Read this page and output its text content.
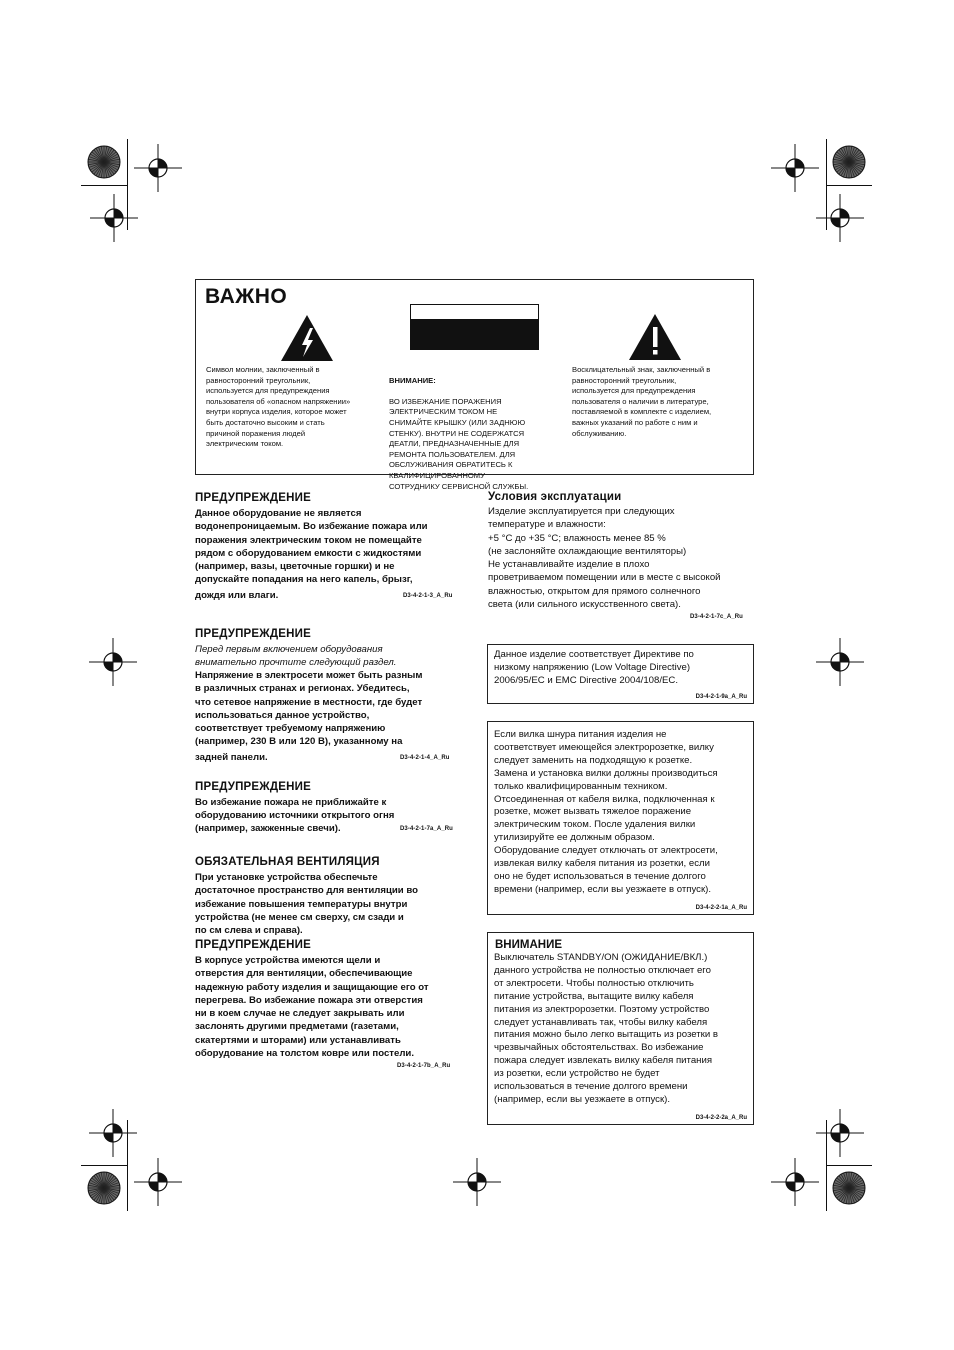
ВАЖНО
Символ молнии, заключенный в
равносторонний треугольник,
используется для предупреждения
пользователя об «опасном напряжении»
внутри корпуса изделия, которое может
быть достаточно высоким и стать
причиной поражения людей
электрическим током.

ВНИМАНИЕ:

ВО ИЗБЕЖАНИЕ ПОРАЖЕНИЯ
ЭЛЕКТРИЧЕСКИМ ТОКОМ НЕ
СНИМАЙТЕ КРЫШКУ (ИЛИ ЗАДНЮЮ
СТЕНКУ). ВНУТРИ НЕ СОДЕРЖАТСЯ
ДЕАТЛИ, ПРЕДНАЗНАЧЕННЫЕ ДЛЯ
РЕМОНТА ПОЛЬЗОВАТЕЛЕМ. ДЛЯ
ОБСЛУЖИВАНИЯ ОБРАТИТЕСЬ К
КВАЛИФИЦИРОВАННОМУ
СОТРУДНИКУ СЕРВИСНОЙ СЛУЖБЫ.

Восклицательный знак, заключенный в
равносторонний треугольник,
используется для предупреждения
пользователя о наличии в литературе,
поставляемой в комплекте с изделием,
важных указаний по работе с ним и
обслуживанию.
ПРЕДУПРЕЖДЕНИЕ
Данное оборудование не является
водонепроницаемым. Во избежание пожара или
поражения электрическим током не помещайте
рядом с оборудованием емкости с жидкостями
(например, вазы, цветочные горшки) и не
допускайте попадания на него капель, брызг,
дождя или влаги.	D3-4-2-1-3_A_Ru
ПРЕДУПРЕЖДЕНИЕ
Перед первым включением оборудования
внимательно прочтите следующий раздел.
Напряжение в электросети может быть разным
в различных странах и регионах. Убедитесь,
что сетевое напряжение в местности, где будет
использоваться данное устройство,
соответствует требуемому напряжению
(например, 230 В или 120 В), указанному на
задней панели.	D3-4-2-1-4_A_Ru
ПРЕДУПРЕЖДЕНИЕ
Во избежание пожара не приближайте к
оборудованию источники открытого огня
(например, зажженные свечи).	D3-4-2-1-7a_A_Ru
ОБЯЗАТЕЛЬНАЯ ВЕНТИЛЯЦИЯ
При установке устройства обеспечьте
достаточное пространство для вентиляции во
избежание повышения температуры внутри
устройства (не менее см сверху, см сзади и
по см слева и справа).
ПРЕДУПРЕЖДЕНИЕ
В корпусе устройства имеются щели и
отверстия для вентиляции, обеспечивающие
надежную работу изделия и защищающие его от
перегрева. Во избежание пожара эти отверстия
ни в коем случае не следует закрывать или
заслонять другими предметами (газетами,
скатертями и шторами) или устанавливать
оборудование на толстом ковре или постели.
D3-4-2-1-7b_A_Ru
Условия эксплуатации
Изделие эксплуатируется при следующих
температуре и влажности:
+5 °C до +35 °C; влажность менее 85 %
(не заслоняйте охлаждающие вентиляторы)
Не устанавливайте изделие в плохо
проветриваемом помещении или в месте с высокой
влажностью, открытом для прямого солнечного
света (или сильного искусственного света).
D3-4-2-1-7c_A_Ru
Данное изделие соответствует Директиве по
низкому напряжению (Low Voltage Directive)
2006/95/EC и EMC Directive 2004/108/EC.
D3-4-2-1-9a_A_Ru
Если вилка шнура питания изделия не
соответствует имеющейся электророзетке, вилку
следует заменить на подходящую к розетке.
Замена и установка вилки должны производиться
только квалифицированным техником.
Отсоединенная от кабеля вилка, подключенная к
розетке, может вызвать тяжелое поражение
электрическим током. После удаления вилки
утилизируйте ее должным образом.
Оборудование следует отключать от электросети,
извлекая вилку кабеля питания из розетки, если
оно не будет использоваться в течение долгого
времени (например, если вы уезжаете в отпуск).
D3-4-2-2-1a_A_Ru
ВНИМАНИЕ
Выключатель STANDBY/ON (ОЖИДАНИЕ/ВКЛ.)
данного устройства не полностью отключает его
от электросети. Чтобы полностью отключить
питание устройства, вытащите вилку кабеля
питания из электророзетки. Поэтому устройство
следует устанавливать так, чтобы вилку кабеля
питания можно было легко вытащить из розетки в
чрезвычайных обстоятельствах. Во избежание
пожара следует извлекать вилку кабеля питания
из розетки, если устройство не будет
использоваться в течение долгого времени
(например, если вы уезжаете в отпуск).
D3-4-2-2-2a_A_Ru
